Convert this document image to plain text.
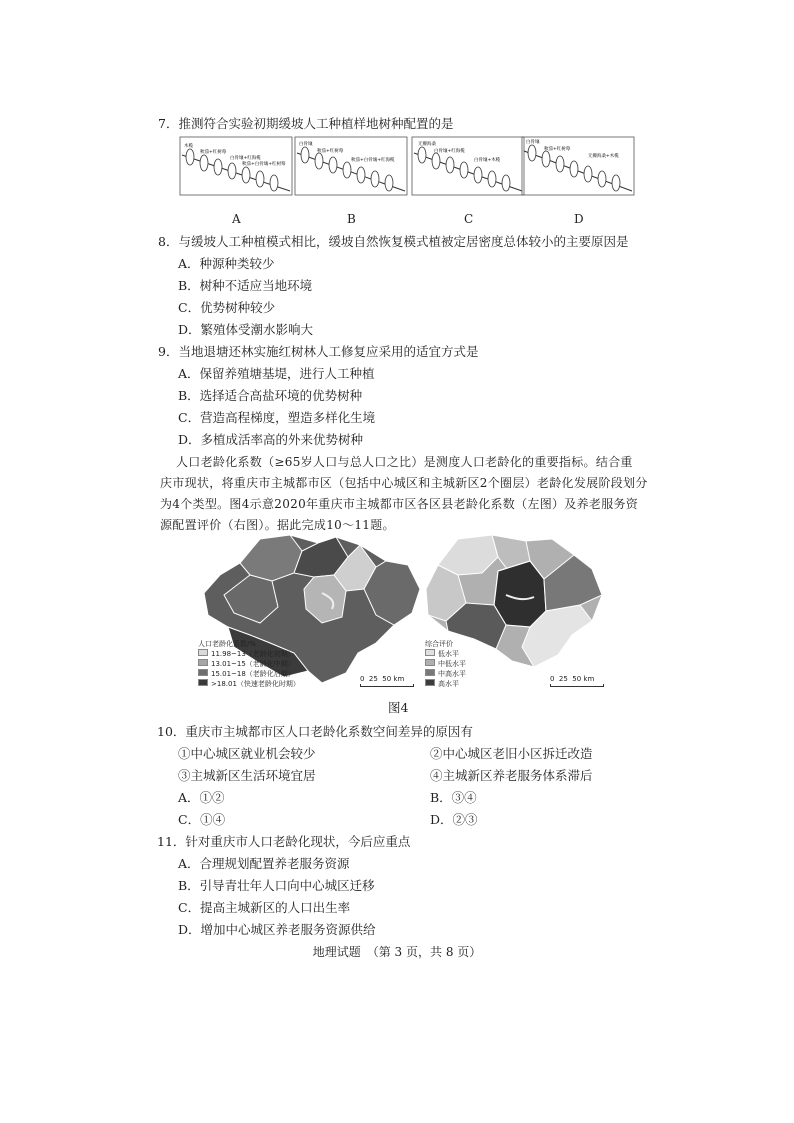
7．推测符合实验初期缓坡人工种植样地树种配置的是
木榄
秋茄+红树莓
白骨壤+红海榄
秋茄+白骨壤+红树莓
白骨壤
秋茄+红树莓
秋茄+白骨壤+红海榄
无瓣海桑
白骨壤+红海榄
白骨壤+木榄
白骨壤
秋茄+红树莓
无瓣海桑+木榄
A	B	C	D
8．与缓坡人工种植模式相比，缓坡自然恢复模式植被定居密度总体较小的主要原因是
A．种源种类较少
B．树种不适应当地环境
C．优势树种较少
D．繁殖体受潮水影响大
9．当地退塘还林实施红树林人工修复应采用的适宜方式是
A．保留养殖塘基堤，进行人工种植
B．选择适合高盐环境的优势树种
C．营造高程梯度，塑造多样化生境
D．多植成活率高的外来优势树种
人口老龄化系数（≥65岁人口与总人口之比）是测度人口老龄化的重要指标。结合重
庆市现状，将重庆市主城都市区（包括中心城区和主城新区2个圈层）老龄化发展阶段划分
为4个类型。图4示意2020年重庆市主城都市区各区县老龄化系数（左图）及养老服务资
源配置评价（右图）。据此完成10～11题。
人口老龄化系数/%
11.98~13（老龄化初期）
13.01~15（老龄化中期）
15.01~18（老龄化后期）
>18.01（快速老龄化时期）
0 25 50 km
综合评价
低水平
中低水平
中高水平
高水平
0 25 50 km
图4
10．重庆市主城都市区人口老龄化系数空间差异的原因有
①中心城区就业机会较少	②中心城区老旧小区拆迁改造
③主城新区生活环境宜居	④主城新区养老服务体系滞后
A．①②	B．③④
C．①④	D．②③
11．针对重庆市人口老龄化现状，今后应重点
A．合理规划配置养老服务资源
B．引导青壮年人口向中心城区迁移
C．提高主城新区的人口出生率
D．增加中心城区养老服务资源供给
地理试题　（第 3 页，共 8 页）
